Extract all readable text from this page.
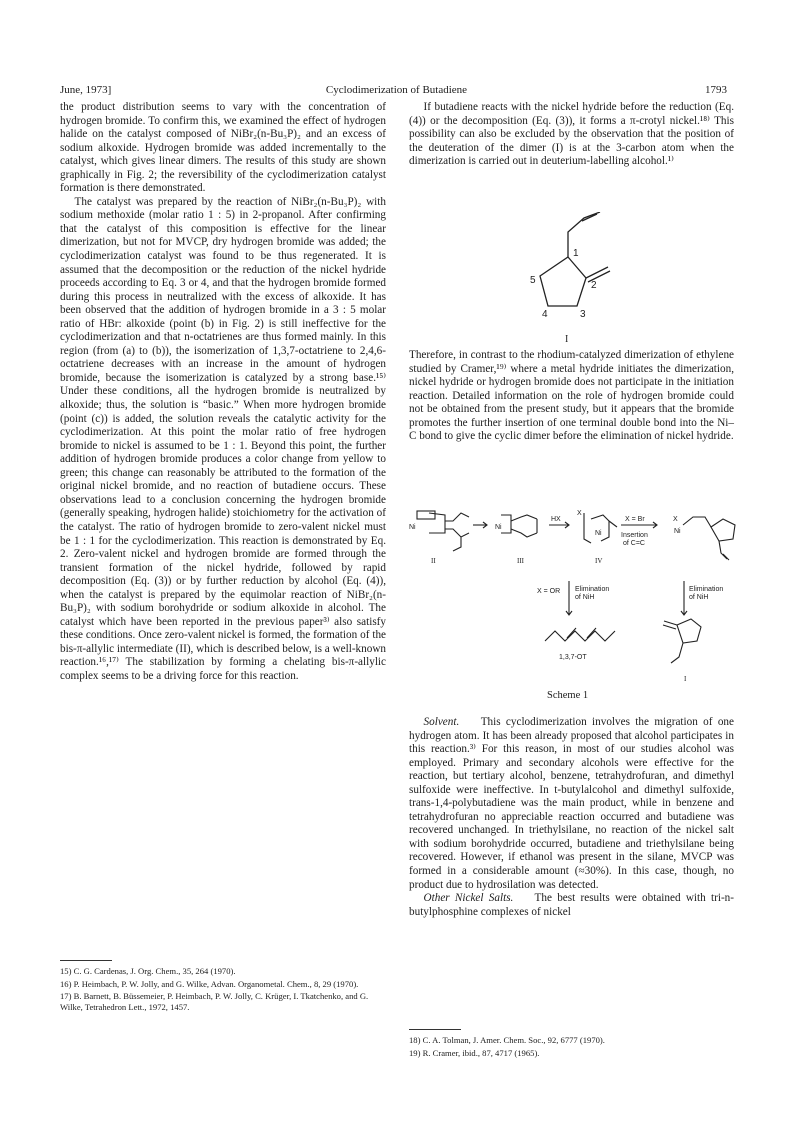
June, 1973]	Cyclodimerization of Butadiene	1793

the product distribution seems to vary with the concentration of hydrogen bromide. To confirm this, we examined the effect of hydrogen halide on the catalyst composed of NiBr₂(n-Bu₃P)₂ and an excess of sodium alkoxide. Hydrogen bromide was added incrementally to the catalyst, which gives linear dimers. The results of this study are shown graphically in Fig. 2; the reversibility of the cyclodimerization catalyst formation is there demonstrated.

The catalyst was prepared by the reaction of NiBr₂(n-Bu₃P)₂ with sodium methoxide (molar ratio 1 : 5) in 2-propanol. After confirming that the catalyst of this composition is effective for the linear dimerization, but not for MVCP, dry hydrogen bromide was added; the cyclodimerization catalyst was found to be thus regenerated. It is assumed that the decomposition or the reduction of the nickel hydride proceeds according to Eq. 3 or 4, and that the hydrogen bromide formed during this process in neutralized with the excess of alkoxide. It has been observed that the addition of hydrogen bromide in a 3 : 5 molar ratio of HBr: alkoxide (point (b) in Fig. 2) is still ineffective for the cyclodimerization and that n-octatrienes are thus formed mainly. In this region (from (a) to (b)), the isomerization of 1,3,7-octatriene to 2,4,6-octatriene decreases with an increase in the amount of hydrogen bromide, because the isomerization is catalyzed by a strong base.¹⁵⁾ Under these conditions, all the hydrogen bromide is neutralized by alkoxide; thus, the solution is “basic.” When more hydrogen bromide (point (c)) is added, the solution reveals the catalytic activity for the cyclodimerization. At this point the molar ratio of free hydrogen bromide to nickel is assumed to be 1 : 1. Beyond this point, the further addition of hydrogen bromide produces a color change from yellow to green; this change can reasonably be attributed to the formation of the original nickel bromide, and no reaction of butadiene occurs. These observations lead to a conclusion concerning the hydrogen bromide (generally speaking, hydrogen halide) stoichiometry for the activation of the catalyst. The ratio of hydrogen bromide to zero-valent nickel must be 1 : 1 for the cyclodimerization. This reaction is demonstrated by Eq. 2. Zero-valent nickel and hydrogen bromide are formed through the transient formation of the nickel hydride, followed by rapid decomposition (Eq. (3)) or by further reduction by alcohol (Eq. (4)), when the catalyst is prepared by the equimolar reaction of NiBr₂(n-Bu₃P)₂ with sodium borohydride or sodium alkoxide in alcohol. The catalyst which have been reported in the previous paper³⁾ also satisfy these conditions. Once zero-valent nickel is formed, the formation of the bis-π-allylic intermediate (II), which is described below, is a well-known reaction.¹⁶,¹⁷⁾ The stabilization by forming a chelating bis-π-allylic complex seems to be a driving force for this reaction.

15) C. G. Cardenas, J. Org. Chem., 35, 264 (1970).

16) P. Heimbach, P. W. Jolly, and G. Wilke, Advan. Organometal. Chem., 8, 29 (1970).

17) B. Barnett, B. Büssemeier, P. Heimbach, P. W. Jolly, C. Krüger, I. Tkatchenko, and G. Wilke, Tetrahedron Lett., 1972, 1457.

If butadiene reacts with the nickel hydride before the reduction (Eq. (4)) or the decomposition (Eq. (3)), it forms a π-crotyl nickel.¹⁸⁾ This possibility can also be excluded by the observation that the position of the deuteration of the dimer (I) is at the 3-carbon atom when the dimerization is carried out in deuterium-labelling alcohol.¹⁾

1
2
3
4
5
I

Therefore, in contrast to the rhodium-catalyzed dimerization of ethylene studied by Cramer,¹⁹⁾ where a metal hydride initiates the dimerization, nickel hydride or hydrogen bromide does not participate in the initiation reaction. Detailed information on the role of hydrogen bromide could not be obtained from the present study, but it appears that the bromide promotes the further insertion of one terminal double bond into the Ni–C bond to give the cyclic dimer before the elimination of nickel hydride.

Ni	Ni
Ni	Ni
HX
X
X
X = Br
Insertion
of C=C
II	III	IV
X = OR Elimination
of NiH
Elimination
of NiH
1,3,7-OT
I
Scheme 1

Solvent. This cyclodimerization involves the migration of one hydrogen atom. It has been already proposed that alcohol participates in this reaction.³⁾ For this reason, in most of our studies alcohol was employed. Primary and secondary alcohols were effective for the reaction, but tertiary alcohol, benzene, tetrahydrofuran, and dimethyl sulfoxide were ineffective. In t-butylalcohol and dimethyl sulfoxide, trans-1,4-polybutadiene was the main product, while in benzene and tetrahydrofuran no appreciable reaction occurred and butadiene was recovered unchanged. In triethylsilane, no reaction of the nickel salt with sodium borohydride occurred, butadiene and triethylsilane being recovered. However, if ethanol was present in the silane, MVCP was formed in a considerable amount (≈30%). In this case, though, no product due to hydrosilation was detected.

Other Nickel Salts. The best results were obtained with tri-n-butylphosphine complexes of nickel

18) C. A. Tolman, J. Amer. Chem. Soc., 92, 6777 (1970).

19) R. Cramer, ibid., 87, 4717 (1965).
